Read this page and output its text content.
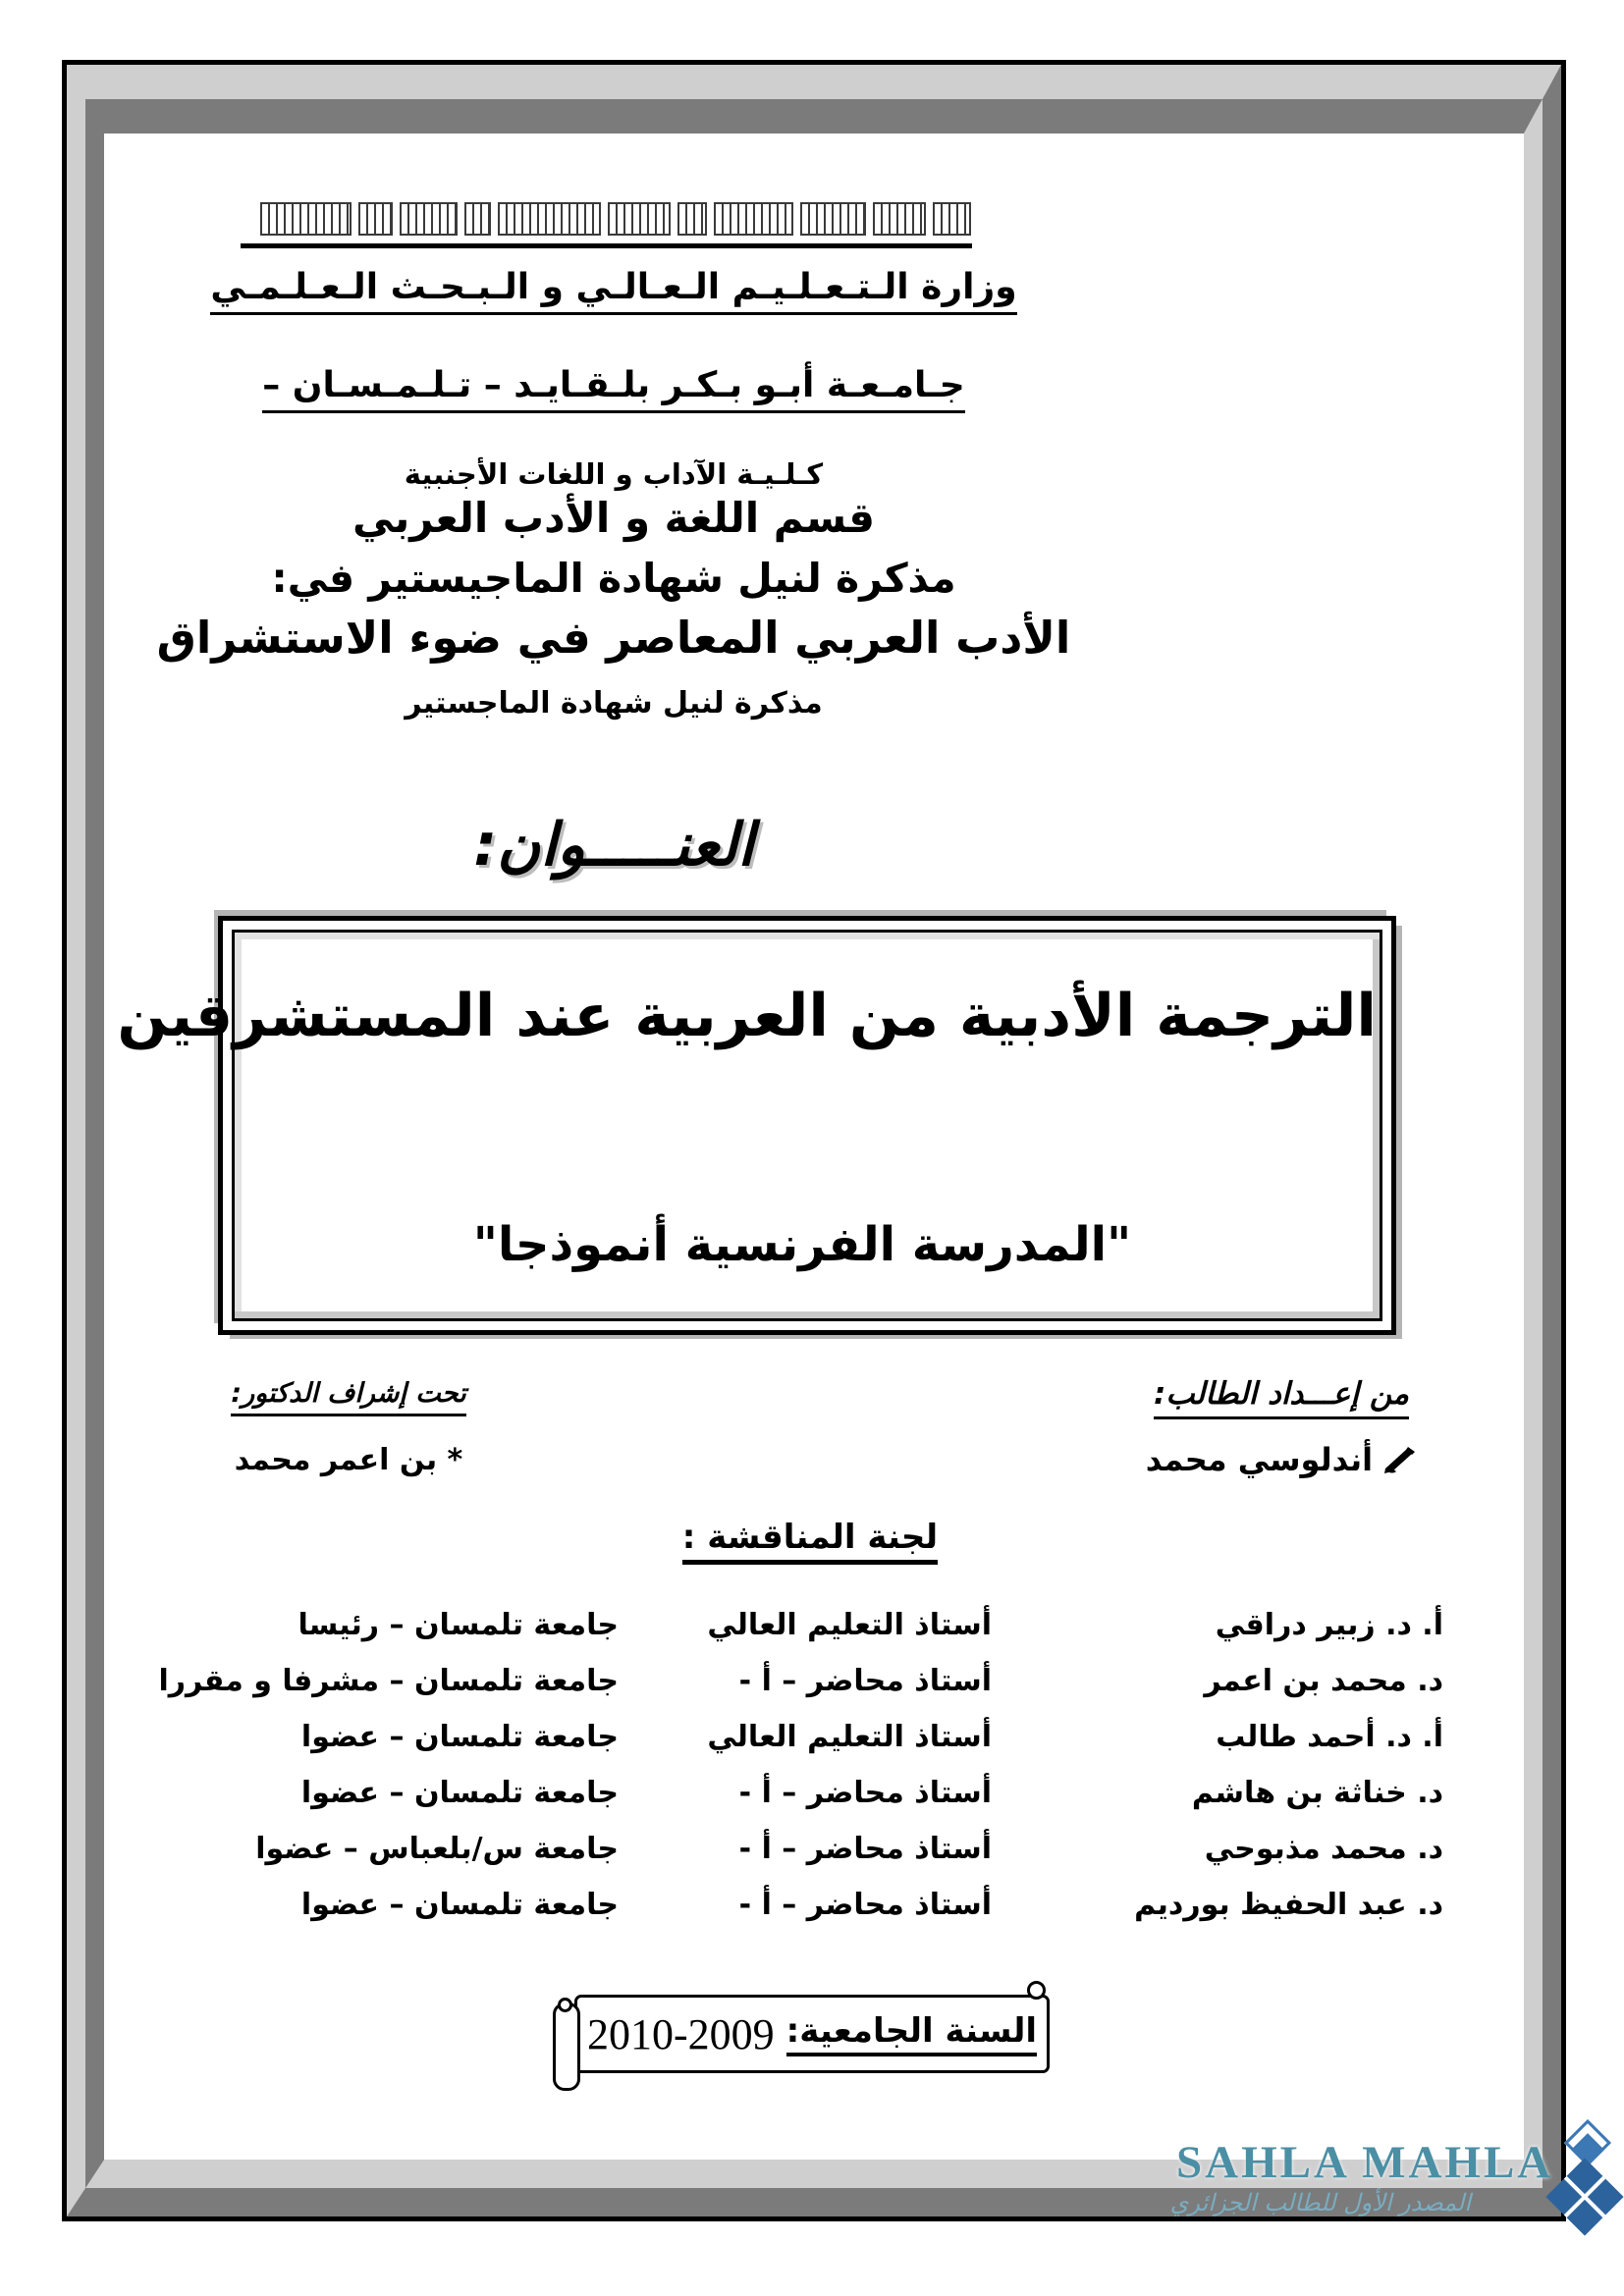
وزارة الـتـعـلـيـم الـعـالـي و الـبـحـث الـعـلـمـي
جـامـعـة أبـو بـكـر بلـقـايـد – تـلـمـسـان –
كـلـيـة الآداب و اللغات الأجنبية
قسم اللغة و الأدب العربي
مذكرة لنيل شهادة الماجيستير في:
الأدب العربي المعاصر في ضوء الاستشراق
مذكرة لنيل شهادة الماجستير
العنـــــوان:
الترجمة الأدبية من العربية عند المستشرقين
"المدرسة الفرنسية أنموذجا"
من إعـــداد الطالب:
أندلوسي محمد
تحت إشراف الدكتور:
* بن اعمر محمد
لجنة المناقشة :
أ. د. زبير دراقي
أستاذ التعليم العالي
جامعة تلمسان – رئيسا
د. محمد بن اعمر
أستاذ محاضر – أ -
جامعة تلمسان – مشرفا و مقررا
أ. د. أحمد طالب
أستاذ التعليم العالي
جامعة تلمسان – عضوا
د. خناثة بن هاشم
أستاذ محاضر – أ -
جامعة تلمسان – عضوا
د. محمد مذبوحي
أستاذ محاضر – أ -
جامعة س/بلعباس – عضوا
د. عبد الحفيظ بورديم
أستاذ محاضر – أ -
جامعة تلمسان – عضوا
السنة الجامعية:
2010-2009
SAHLA MAHLA
المصدر الأول للطالب الجزائري
